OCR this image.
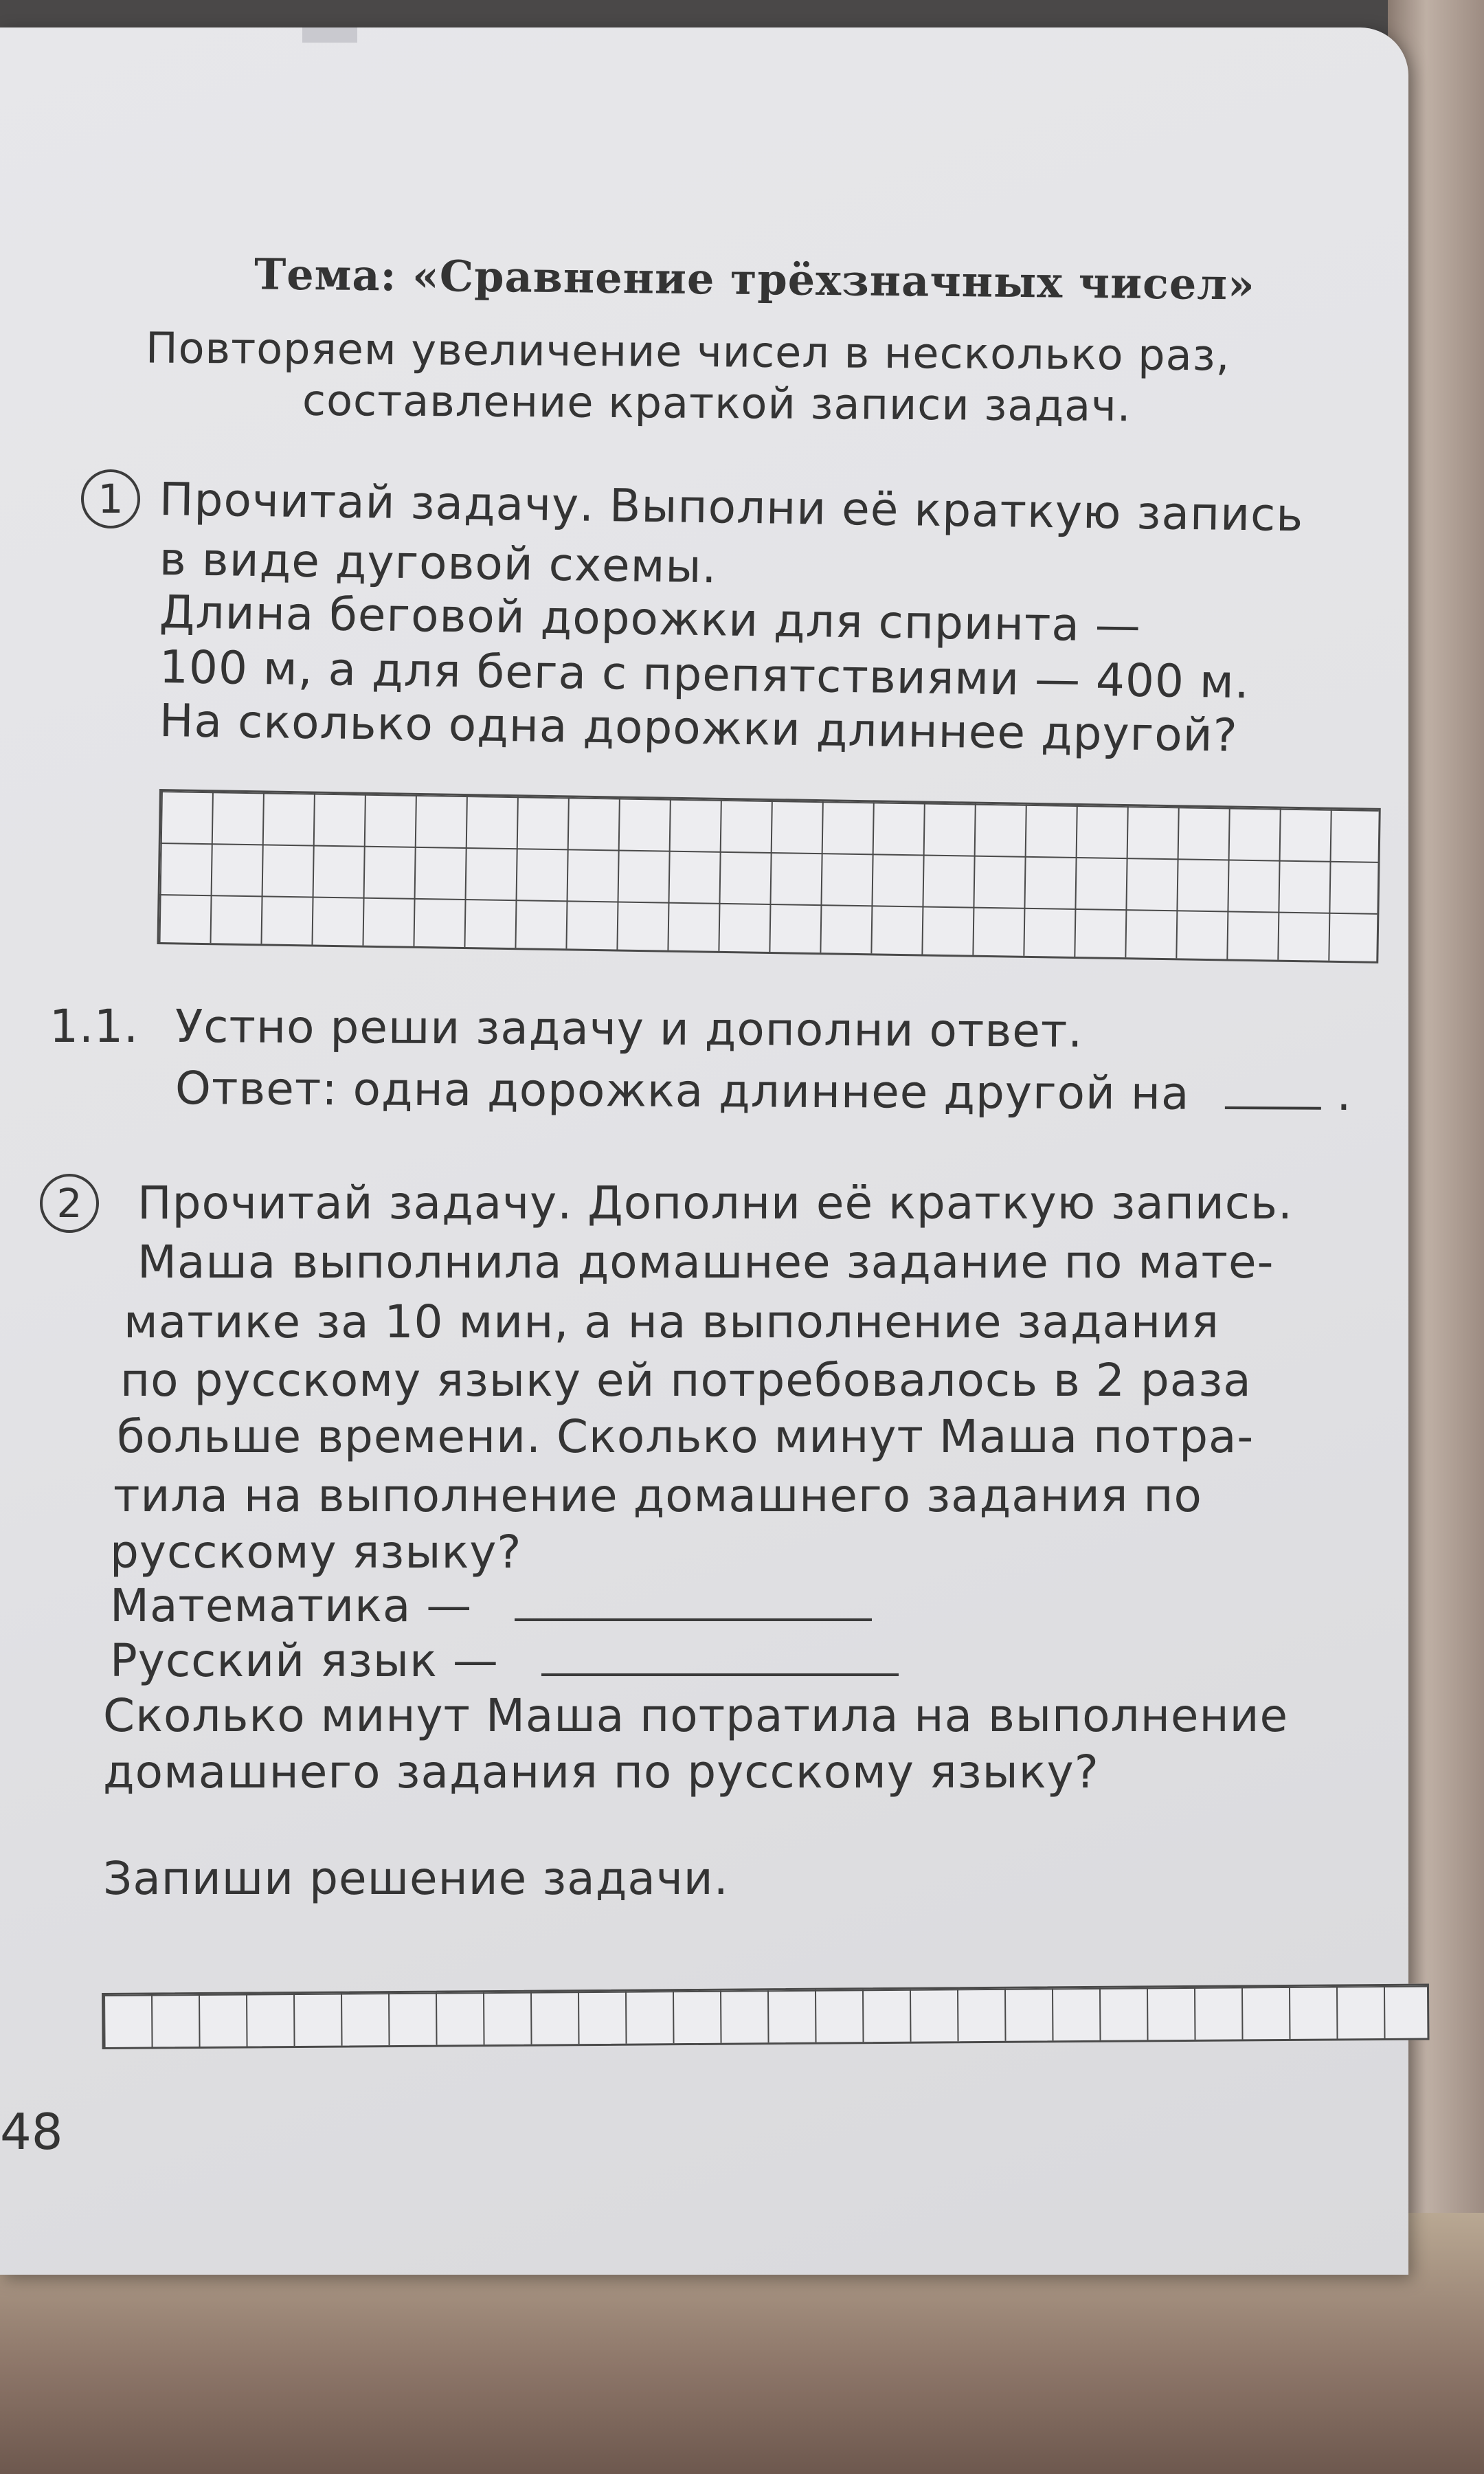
Тема: «Сравнение трёхзначных чисел»
Повторяем увеличение чисел в несколько раз,
составление краткой записи задач.
1 Прочитай задачу. Выполни её краткую запись
в виде дуговой схемы.
Длина беговой дорожки для спринта —
100 м, а для бега с препятствиями — 400 м.
На сколько одна дорожки длиннее другой?
1.1. Устно реши задачу и дополни ответ.
Ответ: одна дорожка длиннее другой на	.
2	Прочитай задачу. Дополни её краткую запись.
Маша выполнила домашнее задание по мате-
матике за 10 мин, а на выполнение задания
по русскому языку ей потребовалось в 2 раза
больше времени. Сколько минут Маша потра-
тила на выполнение домашнего задания по
русскому языку?
Математика —
Русский язык —
Сколько минут Маша потратила на выполнение
домашнего задания по русскому языку?
Запиши решение задачи.
48
